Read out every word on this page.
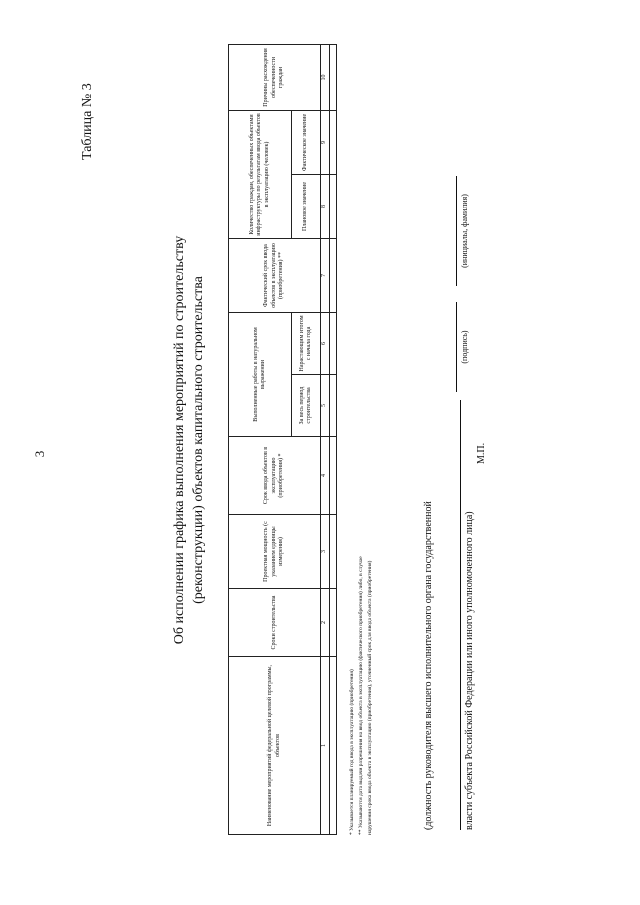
3
Таблица № 3
Об исполнении графика выполнения мероприятий по строительству (реконструкции) объектов капитального строительства
Наименование мероприятий федеральной целевой программы, объектов	Сроки строительства	Проектная мощность (с указанием единицы измерения)	Срок ввода объектов в эксплуатацию (приобретения) *	Выполненные работы в натуральном выражении		Фактический срок ввода объектов в эксплуатацию (приобретения) **	Количество граждан, обеспеченных объектами инфраструктуры по результатам ввода объектов в эксплуатацию (человек)		Причины расхождения обеспеченности граждан
				За весь период строительства	Нарастающим итогом с начала года		Плановое значение	Фактическое значение	
1	2	3	4	5	6	7	8	9	10

* Указывается планируемый год ввода в эксплуатацию (приобретения) ** Указываются дата выдачи разрешения на ввод объекта в эксплуатацию (фактического приобретения) либо, в случае нарушения срока ввода объекта в эксплуатацию (приобретения), уточненный срок для ввода объекта (приобретения)	(должность руководителя высшего исполнительного органа государственной	власти субъекта Российской Федерации или иного уполномоченного лица)
(подпись)
(инициалы, фамилия)
М.П.
